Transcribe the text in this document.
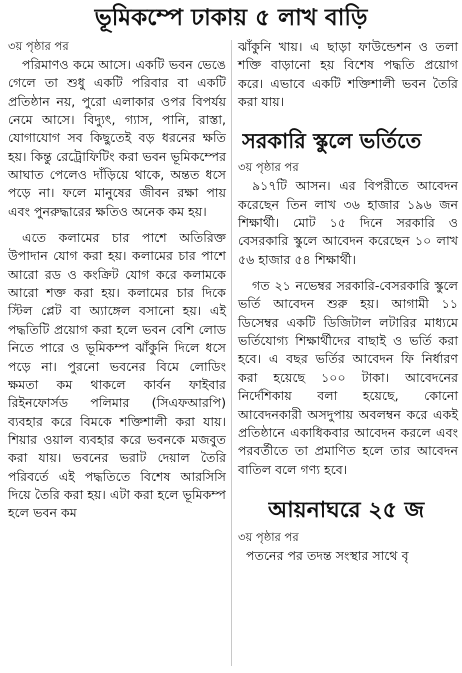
ভূমিকম্পে ঢাকায় ৫ লাখ বাড়ি
৩য় পৃষ্ঠার পর

পরিমাণও কমে আসে। একটি ভবন ভেঙে গেলে তা শুধু একটি পরিবার বা একটি প্রতিষ্ঠান নয়, পুরো এলাকার ওপর বিপর্যয় নেমে আসে। বিদ্যুৎ, গ্যাস, পানি, রাস্তা, যোগাযোগ সব কিছুতেই বড় ধরনের ক্ষতি হয়। কিন্তু রেট্রোফিটিং করা ভবন ভূমিকম্পের আঘাত পেলেও দাঁড়িয়ে থাকে, অন্তত ধসে পড়ে না। ফলে মানুষের জীবন রক্ষা পায় এবং পুনরুদ্ধারের ক্ষতিও অনেক কম হয়।

এতে কলামের চার পাশে অতিরিক্ত উপাদান যোগ করা হয়। কলামের চার পাশে আরো রড ও কংক্রিট যোগ করে কলামকে আরো শক্ত করা হয়। কলামের চার দিকে স্টিল প্লেট বা অ্যাঙ্গেল বসানো হয়। এই পদ্ধতিটি প্রয়োগ করা হলে ভবন বেশি লোড নিতে পারে ও ভূমিকম্প ঝাঁকুনি দিলে ধসে পড়ে না। পুরনো ভবনের বিমে লোডিং ক্ষমতা কম থাকলে কার্বন ফাইবার রিইনফোর্সড পলিমার (সিএফআরপি) ব্যবহার করে বিমকে শক্তিশালী করা যায়। শিয়ার ওয়াল ব্যবহার করে ভবনকে মজবুত করা যায়। ভবনের ভরাট দেয়াল তৈরি পরিবর্তে এই পদ্ধতিতে বিশেষ আরসিসি দিয়ে তৈরি করা হয়। এটা করা হলে ভূমিকম্প হলে ভবন কম

ঝাঁকুনি খায়। এ ছাড়া ফাউন্ডেশন ও তলা শক্তি বাড়ানো হয় বিশেষ পদ্ধতি প্রয়োগ করে। এভাবে একটি শক্তিশালী ভবন তৈরি করা যায়।

সরকারি স্কুলে ভর্তিতে
৩য় পৃষ্ঠার পর

৯১৭টি আসন। এর বিপরীতে আবেদন করেছেন তিন লাখ ৩৬ হাজার ১৯৬ জন শিক্ষার্থী। মোট ১৫ দিনে সরকারি ও বেসরকারি স্কুলে আবেদন করেছেন ১০ লাখ ৫৬ হাজার ৫৪ শিক্ষার্থী।

গত ২১ নভেম্বর সরকারি-বেসরকারি স্কুলে ভর্তি আবেদন শুরু হয়। আগামী ১১ ডিসেম্বর একটি ডিজিটাল লটারির মাধ্যমে ভর্তিযোগ্য শিক্ষার্থীদের বাছাই ও ভর্তি করা হবে। এ বছর ভর্তির আবেদন ফি নির্ধারণ করা হয়েছে ১০০ টাকা। আবেদনের নির্দেশিকায় বলা হয়েছে, কোনো আবেদনকারী অসদুপায় অবলম্বন করে একই প্রতিষ্ঠানে একাধিকবার আবেদন করলে এবং পরবর্তীতে তা প্রমাণিত হলে তার আবেদন বাতিল বলে গণ্য হবে।

আয়নাঘরে ২৫ জ
৩য় পৃষ্ঠার পর
পতনের পর তদন্ত সংস্থার সাথে বৃ
